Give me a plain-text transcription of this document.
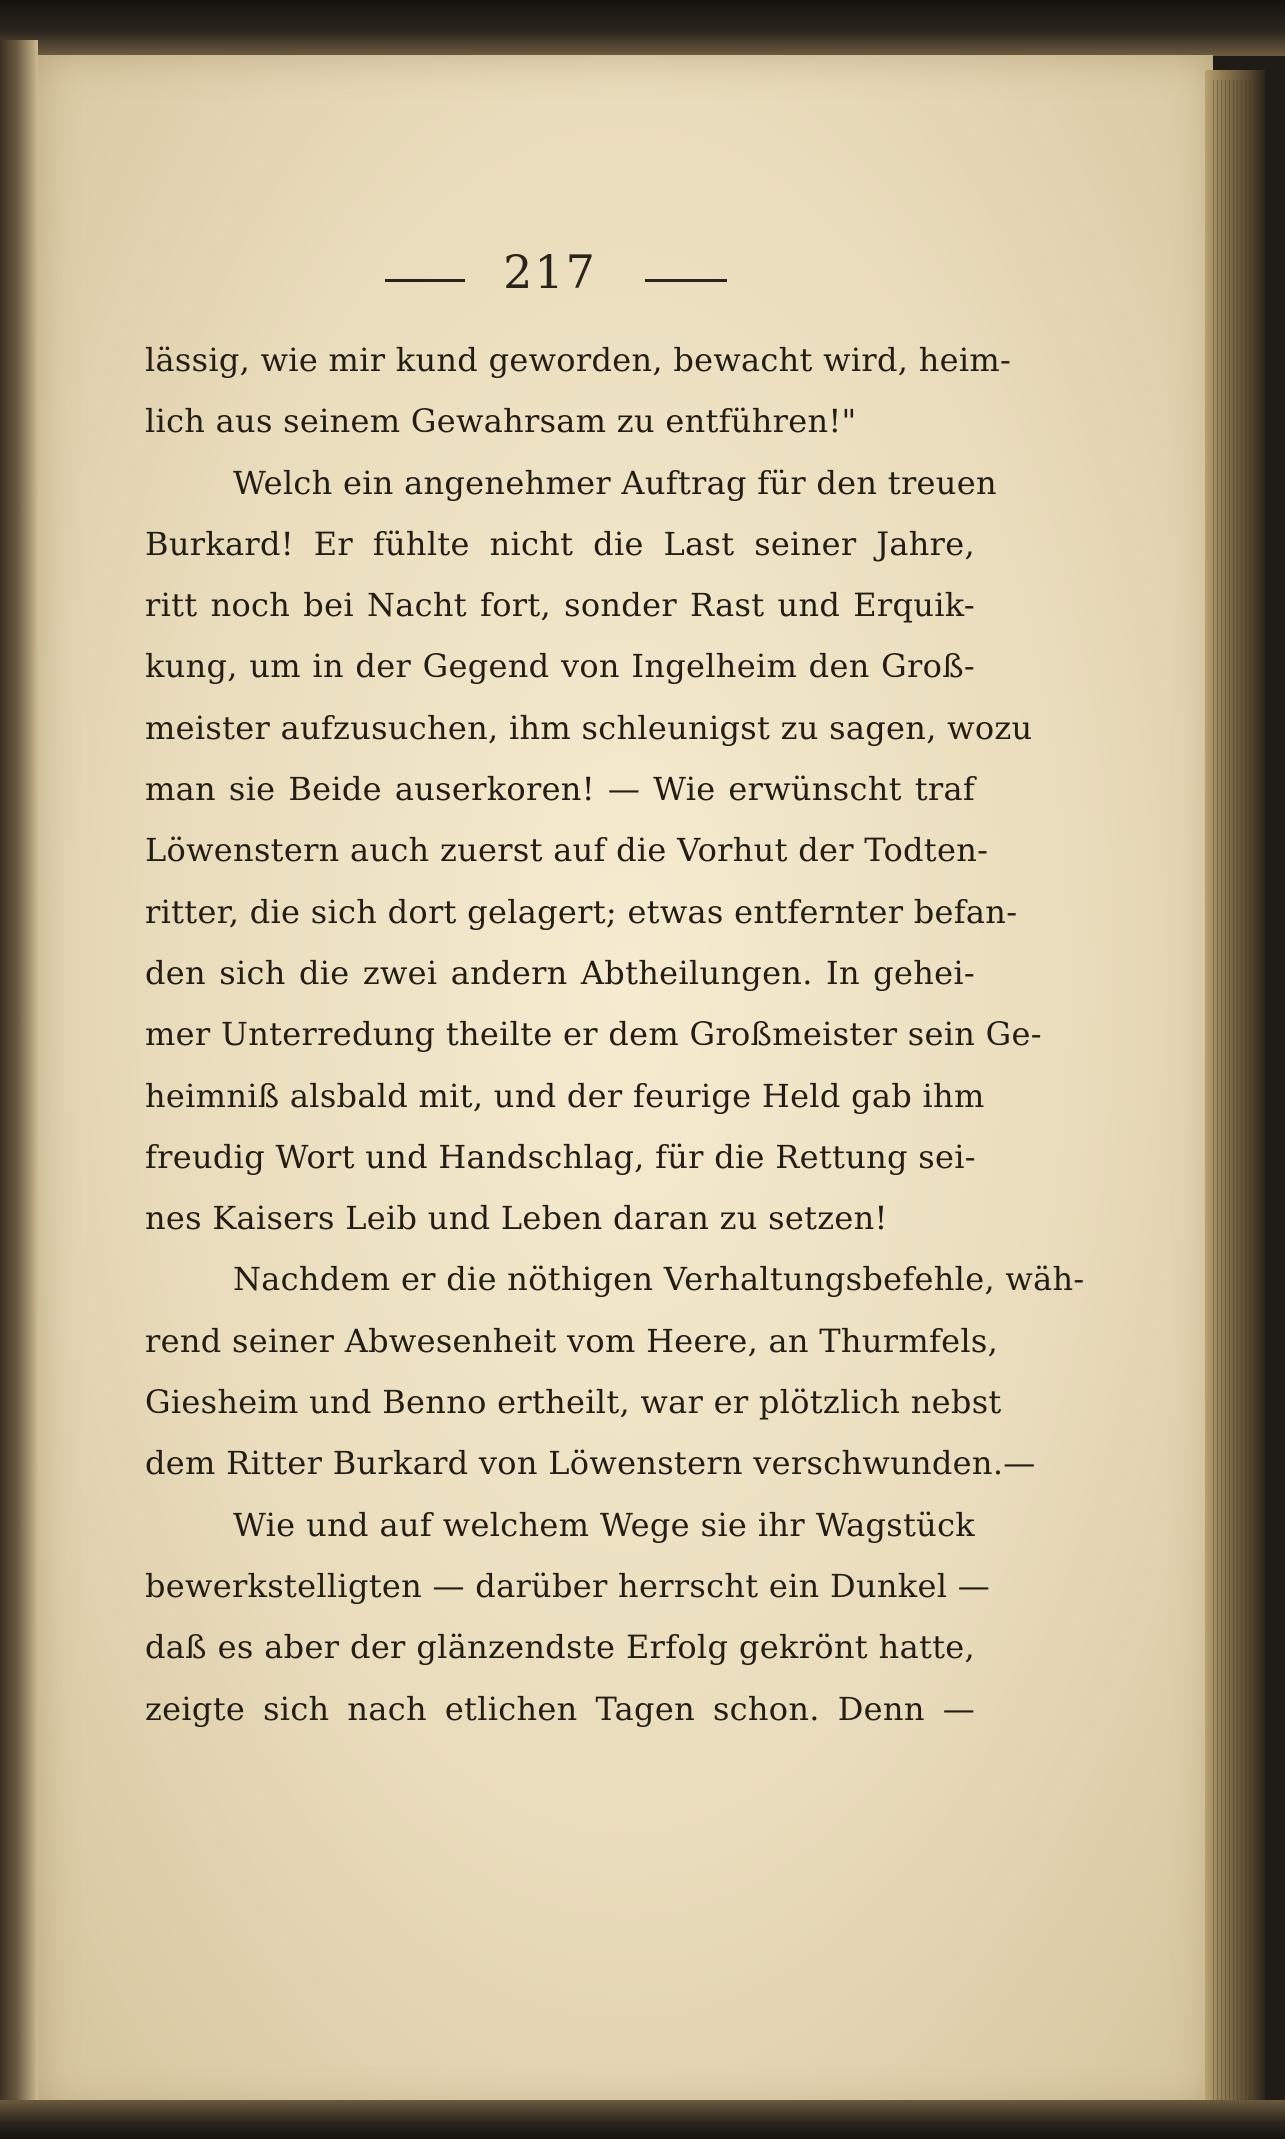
217
lässig, wie mir kund geworden, bewacht wird, heim-
lich aus seinem Gewahrsam zu entführen!"
Welch ein angenehmer Auftrag für den treuen
Burkard! Er fühlte nicht die Last seiner Jahre,
ritt noch bei Nacht fort, sonder Rast und Erquik-
kung, um in der Gegend von Ingelheim den Groß-
meister aufzusuchen, ihm schleunigst zu sagen, wozu
man sie Beide auserkoren! — Wie erwünscht traf
Löwenstern auch zuerst auf die Vorhut der Todten-
ritter, die sich dort gelagert; etwas entfernter befan-
den sich die zwei andern Abtheilungen. In gehei-
mer Unterredung theilte er dem Großmeister sein Ge-
heimniß alsbald mit, und der feurige Held gab ihm
freudig Wort und Handschlag, für die Rettung sei-
nes Kaisers Leib und Leben daran zu setzen!
Nachdem er die nöthigen Verhaltungsbefehle, wäh-
rend seiner Abwesenheit vom Heere, an Thurmfels,
Giesheim und Benno ertheilt, war er plötzlich nebst
dem Ritter Burkard von Löwenstern verschwunden.—
Wie und auf welchem Wege sie ihr Wagstück
bewerkstelligten — darüber herrscht ein Dunkel —
daß es aber der glänzendste Erfolg gekrönt hatte,
zeigte sich nach etlichen Tagen schon. Denn —
